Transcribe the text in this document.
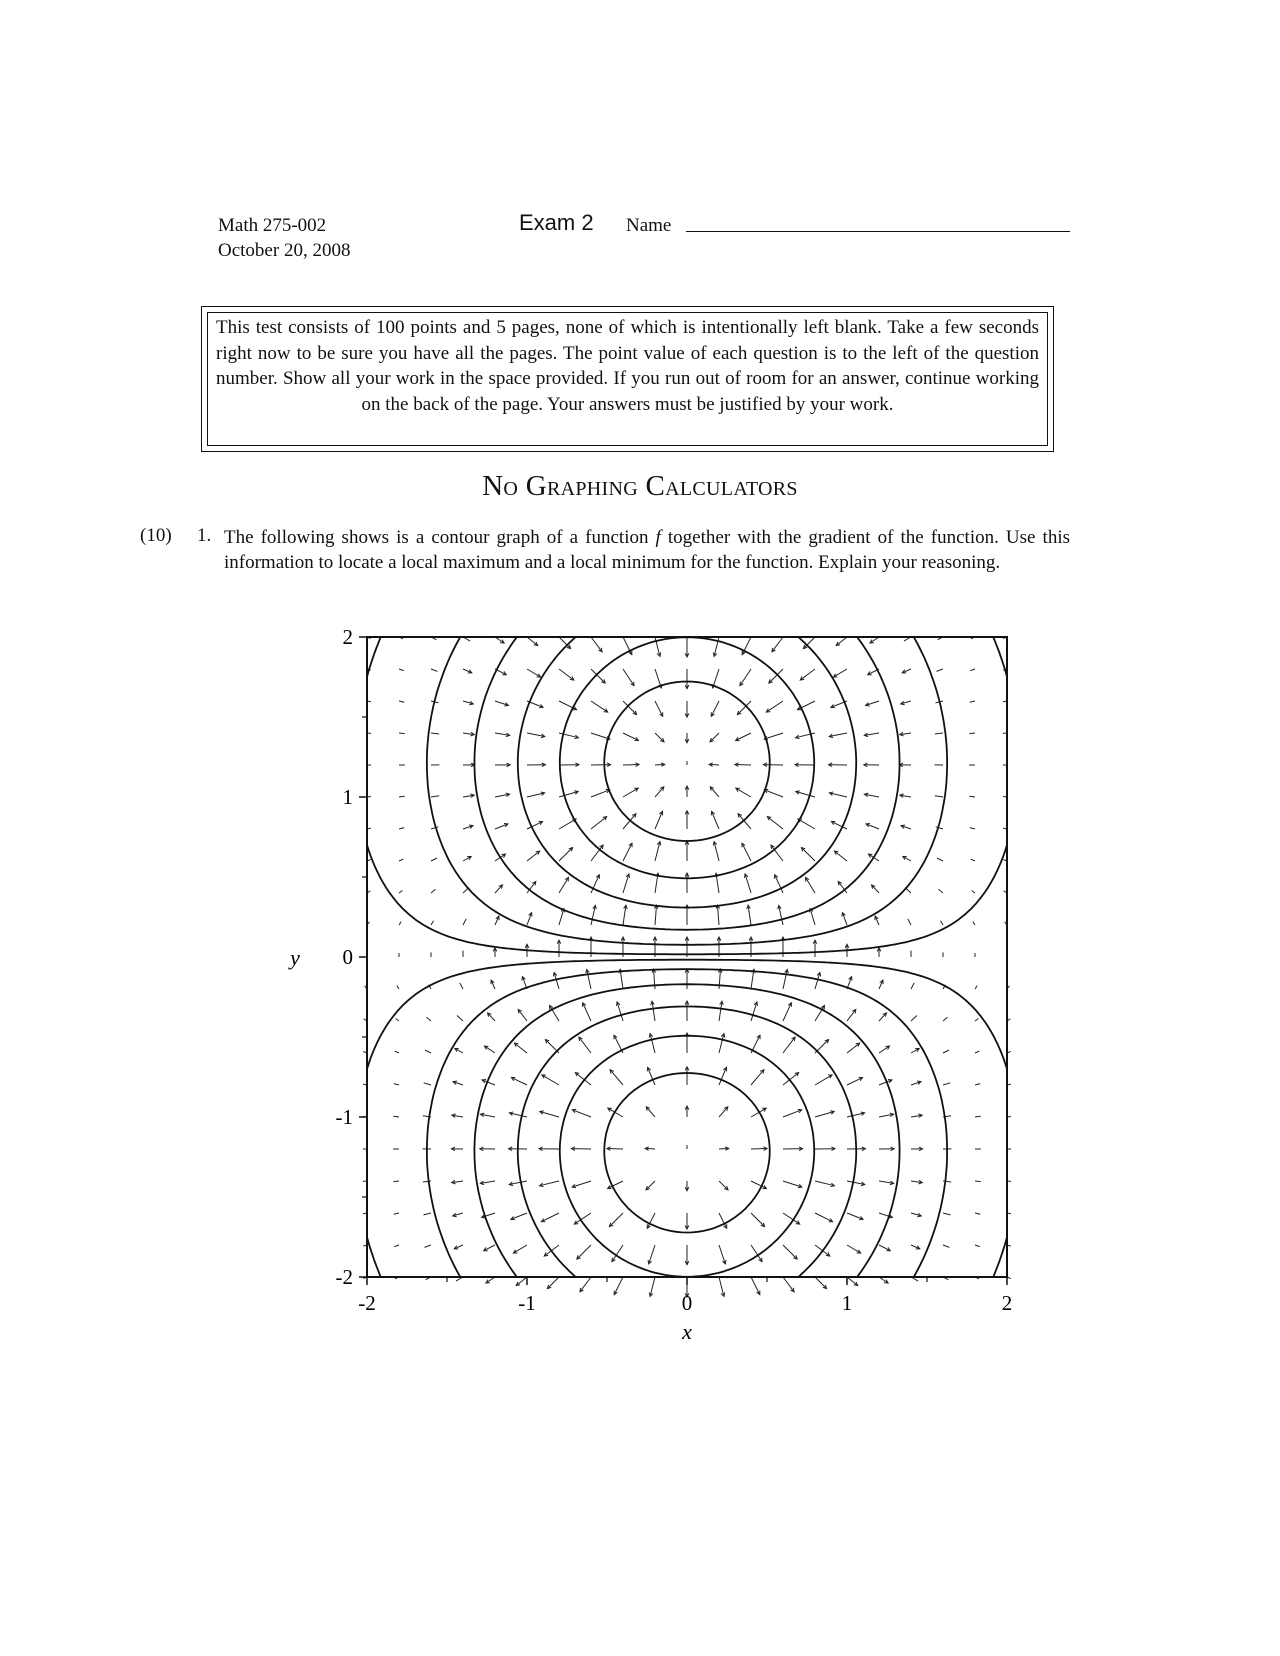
Math 275-002
October 20, 2008
Exam 2 Name
This test consists of 100 points and 5 pages, none of which is intentionally left blank. Take a few seconds right now to be sure you have all the pages. The point value of each question is to the left of the question number. Show all your work in the space provided. If you run out of room for an answer, continue working on the back of the page. Your answers must be justified by your work.
No Graphing Calculators
(10) 1. The following shows is a contour graph of a function f together with the gradient of the function. Use this information to locate a local maximum and a local minimum for the function. Explain your reasoning.
-2	-1	0	1	2
2
1
0
-1
-2
x
y
